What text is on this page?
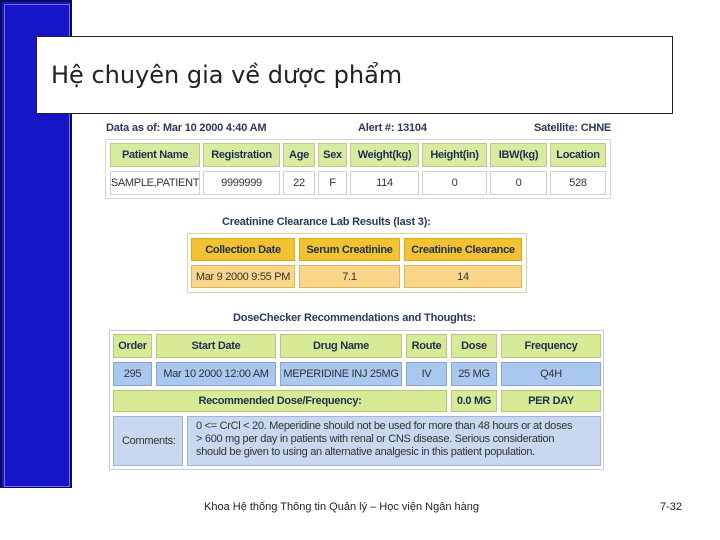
Hệ chuyên gia về dược phẩm
Data as of: Mar 10 2000 4:40 AM	Alert #: 13104	Satellite: CHNE
Patient Name	Registration	Age	Sex	Weight(kg)	Height(in)	IBW(kg)	Location
SAMPLE,PATIENT	9999999	22	F	114	0	0	528
Creatinine Clearance Lab Results (last 3):
Collection Date	Serum Creatinine	Creatinine Clearance
Mar 9 2000 9:55 PM	7.1	14
DoseChecker Recommendations and Thoughts:
Order	Start Date	Drug Name	Route	Dose	Frequency
295	Mar 10 2000 12:00 AM	MEPERIDINE INJ 25MG	IV	25 MG	Q4H
Recommended Dose/Frequency:	0.0 MG	PER DAY
Comments:
0 <= CrCl < 20. Meperidine should not be used for more than 48 hours or at doses
> 600 mg per day in patients with renal or CNS disease. Serious consideration
should be given to using an alternative analgesic in this patient population.
Khoa Hệ thống Thông tin Quản lý – Học viện Ngân hàng	7-32
